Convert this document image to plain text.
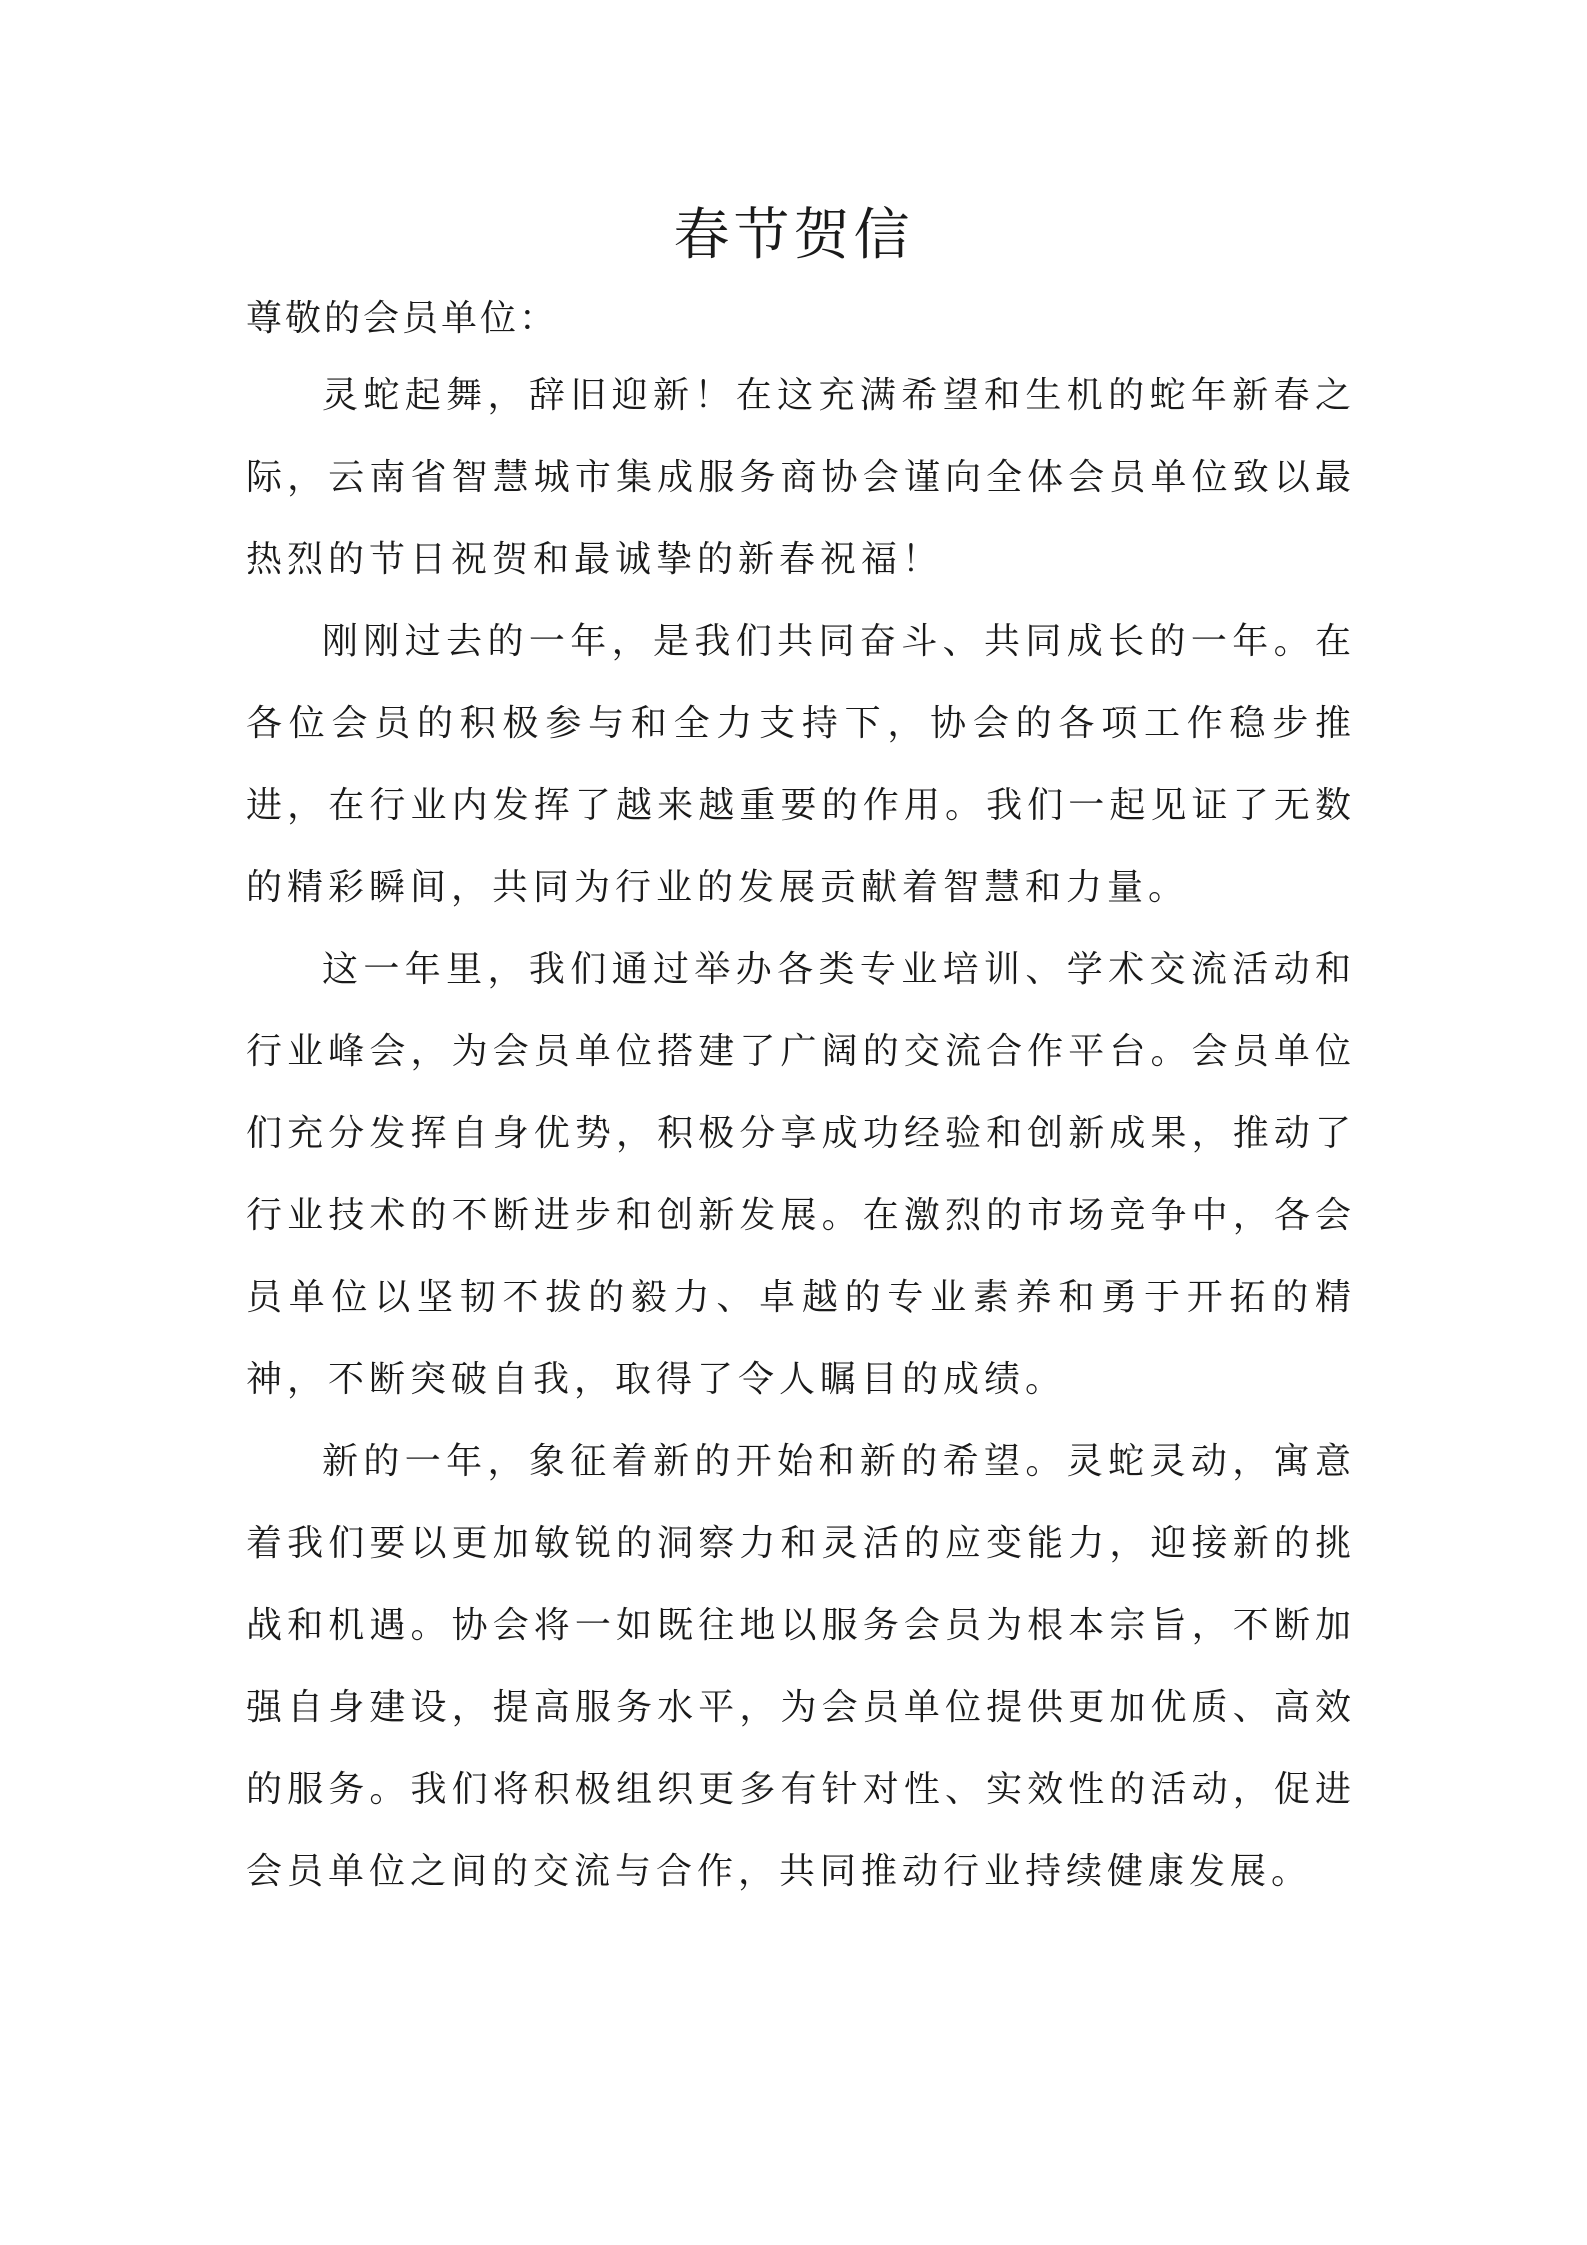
春节贺信

尊敬的会员单位：

灵蛇起舞，辞旧迎新！在这充满希望和生机的蛇年新春之际，云南省智慧城市集成服务商协会谨向全体会员单位致以最热烈的节日祝贺和最诚挚的新春祝福！

刚刚过去的一年，是我们共同奋斗、共同成长的一年。在各位会员的积极参与和全力支持下，协会的各项工作稳步推进，在行业内发挥了越来越重要的作用。我们一起见证了无数的精彩瞬间，共同为行业的发展贡献着智慧和力量。

这一年里，我们通过举办各类专业培训、学术交流活动和行业峰会，为会员单位搭建了广阔的交流合作平台。会员单位们充分发挥自身优势，积极分享成功经验和创新成果，推动了行业技术的不断进步和创新发展。在激烈的市场竞争中，各会员单位以坚韧不拔的毅力、卓越的专业素养和勇于开拓的精神，不断突破自我，取得了令人瞩目的成绩。

新的一年，象征着新的开始和新的希望。灵蛇灵动，寓意着我们要以更加敏锐的洞察力和灵活的应变能力，迎接新的挑战和机遇。协会将一如既往地以服务会员为根本宗旨，不断加强自身建设，提高服务水平，为会员单位提供更加优质、高效的服务。我们将积极组织更多有针对性、实效性的活动，促进会员单位之间的交流与合作，共同推动行业持续健康发展。
